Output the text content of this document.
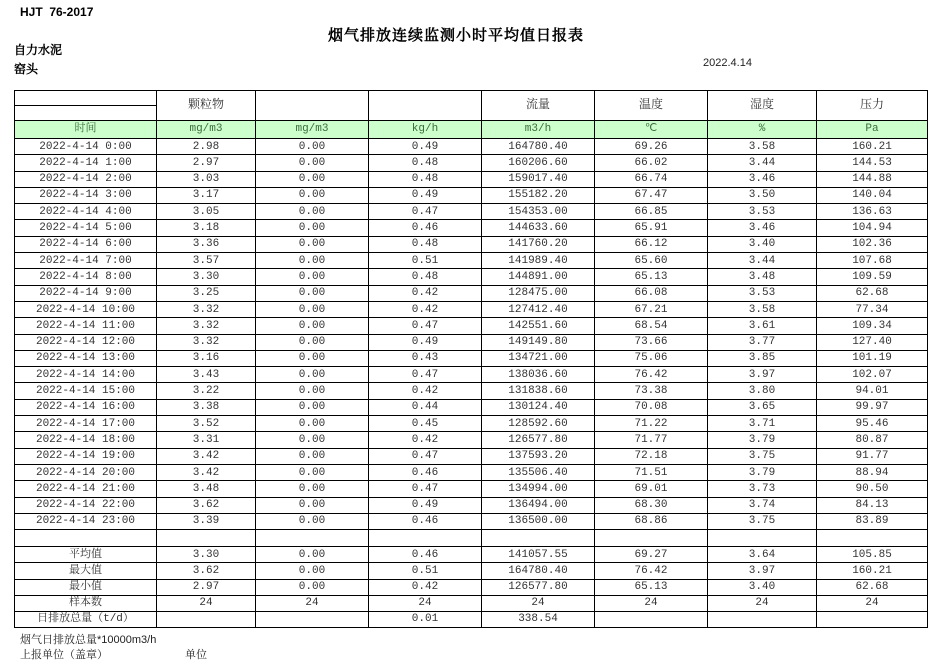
HJT  76-2017
烟气排放连续监测小时平均值日报表
自力水泥
窑头	2022.4.14
	颗粒物			流量	温度	湿度	压力
时间	mg/m3	mg/m3	kg/h	m3/h	℃	%	Pa
2022-4-14 0:00	2.98	0.00	0.49	164780.40	69.26	3.58	160.21
2022-4-14 1:00	2.97	0.00	0.48	160206.60	66.02	3.44	144.53
2022-4-14 2:00	3.03	0.00	0.48	159017.40	66.74	3.46	144.88
2022-4-14 3:00	3.17	0.00	0.49	155182.20	67.47	3.50	140.04
2022-4-14 4:00	3.05	0.00	0.47	154353.00	66.85	3.53	136.63
2022-4-14 5:00	3.18	0.00	0.46	144633.60	65.91	3.46	104.94
2022-4-14 6:00	3.36	0.00	0.48	141760.20	66.12	3.40	102.36
2022-4-14 7:00	3.57	0.00	0.51	141989.40	65.60	3.44	107.68
2022-4-14 8:00	3.30	0.00	0.48	144891.00	65.13	3.48	109.59
2022-4-14 9:00	3.25	0.00	0.42	128475.00	66.08	3.53	62.68
2022-4-14 10:00	3.32	0.00	0.42	127412.40	67.21	3.58	77.34
2022-4-14 11:00	3.32	0.00	0.47	142551.60	68.54	3.61	109.34
2022-4-14 12:00	3.32	0.00	0.49	149149.80	73.66	3.77	127.40
2022-4-14 13:00	3.16	0.00	0.43	134721.00	75.06	3.85	101.19
2022-4-14 14:00	3.43	0.00	0.47	138036.60	76.42	3.97	102.07
2022-4-14 15:00	3.22	0.00	0.42	131838.60	73.38	3.80	94.01
2022-4-14 16:00	3.38	0.00	0.44	130124.40	70.08	3.65	99.97
2022-4-14 17:00	3.52	0.00	0.45	128592.60	71.22	3.71	95.46
2022-4-14 18:00	3.31	0.00	0.42	126577.80	71.77	3.79	80.87
2022-4-14 19:00	3.42	0.00	0.47	137593.20	72.18	3.75	91.77
2022-4-14 20:00	3.42	0.00	0.46	135506.40	71.51	3.79	88.94
2022-4-14 21:00	3.48	0.00	0.47	134994.00	69.01	3.73	90.50
2022-4-14 22:00	3.62	0.00	0.49	136494.00	68.30	3.74	84.13
2022-4-14 23:00	3.39	0.00	0.46	136500.00	68.86	3.75	83.89

平均值	3.30	0.00	0.46	141057.55	69.27	3.64	105.85
最大值	3.62	0.00	0.51	164780.40	76.42	3.97	160.21
最小值	2.97	0.00	0.42	126577.80	65.13	3.40	62.68
样本数	24	24	24	24	24	24	24
日排放总量（t/d）			0.01	338.54			
烟气日排放总量*10000m3/h
上报单位（盖章）	单位
